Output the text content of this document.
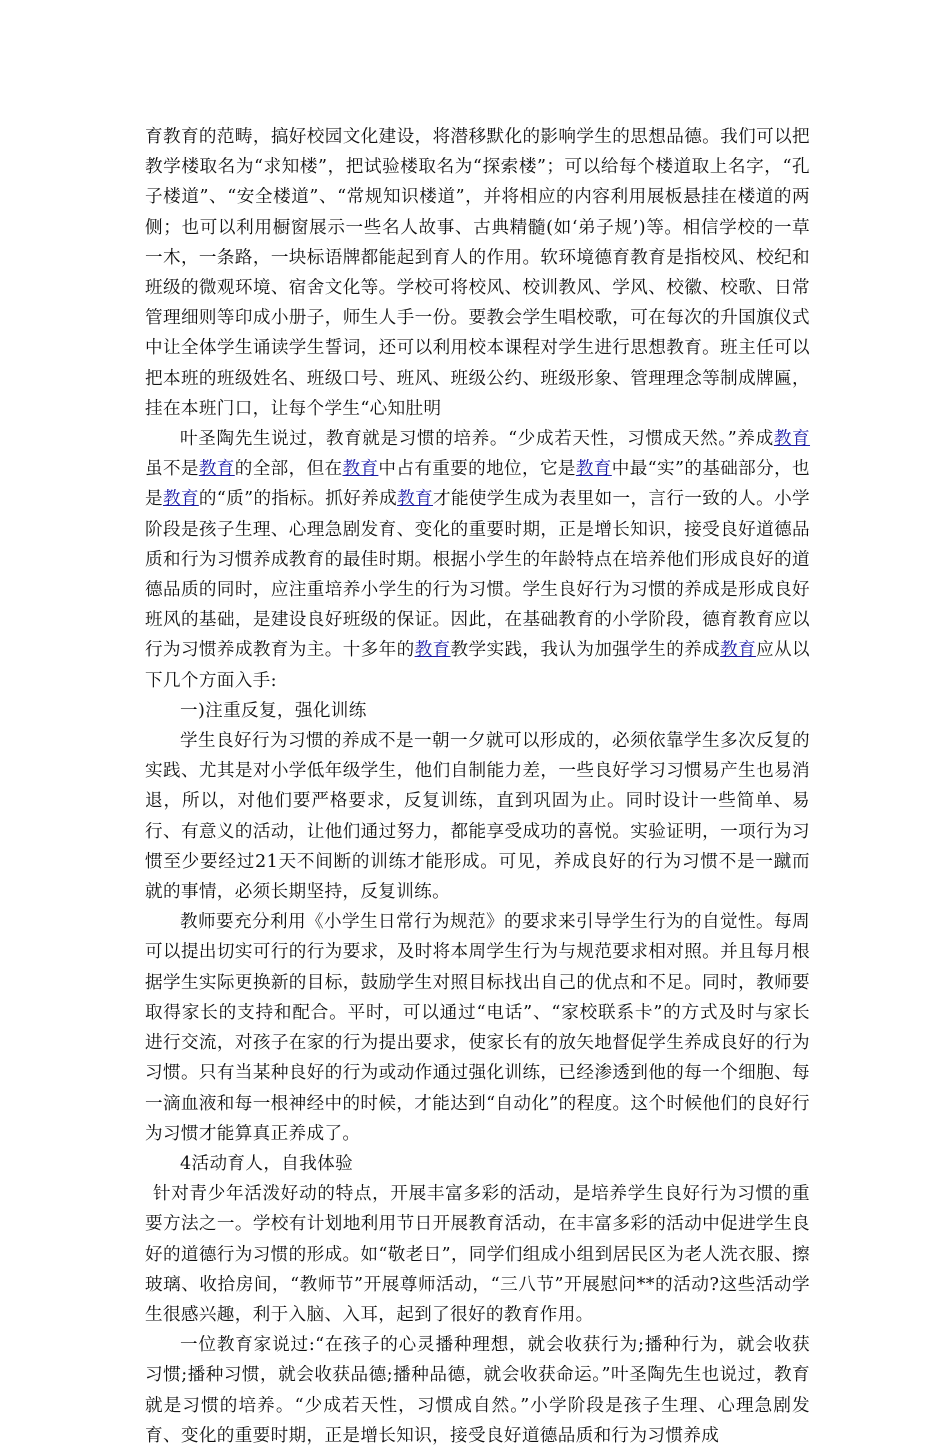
育教育的范畴，搞好校园文化建设，将潜移默化的影响学生的思想品德。我们可以把教学楼取名为“求知楼”，把试验楼取名为“探索楼”；可以给每个楼道取上名字，“孔子楼道”、“安全楼道”、“常规知识楼道”，并将相应的内容利用展板悬挂在楼道的两侧；也可以利用橱窗展示一些名人故事、古典精髓(如‘弟子规’)等。相信学校的一草一木，一条路，一块标语牌都能起到育人的作用。软环境德育教育是指校风、校纪和班级的微观环境、宿舍文化等。学校可将校风、校训教风、学风、校徽、校歌、日常管理细则等印成小册子，师生人手一份。要教会学生唱校歌，可在每次的升国旗仪式中让全体学生诵读学生誓词，还可以利用校本课程对学生进行思想教育。班主任可以把本班的班级姓名、班级口号、班风、班级公约、班级形象、管理理念等制成牌匾，挂在本班门口，让每个学生“心知肚明

叶圣陶先生说过，教育就是习惯的培养。“少成若天性，习惯成天然。”养成教育虽不是教育的全部，但在教育中占有重要的地位，它是教育中最“实”的基础部分，也是教育的“质”的指标。抓好养成教育才能使学生成为表里如一，言行一致的人。小学阶段是孩子生理、心理急剧发育、变化的重要时期，正是增长知识，接受良好道德品质和行为习惯养成教育的最佳时期。根据小学生的年龄特点在培养他们形成良好的道德品质的同时，应注重培养小学生的行为习惯。学生良好行为习惯的养成是形成良好班风的基础，是建设良好班级的保证。因此，在基础教育的小学阶段，德育教育应以行为习惯养成教育为主。十多年的教育教学实践，我认为加强学生的养成教育应从以下几个方面入手:

一)注重反复，强化训练

学生良好行为习惯的养成不是一朝一夕就可以形成的，必须依靠学生多次反复的实践、尤其是对小学低年级学生，他们自制能力差，一些良好学习习惯易产生也易消退，所以，对他们要严格要求，反复训练，直到巩固为止。同时设计一些简单、易行、有意义的活动，让他们通过努力，都能享受成功的喜悦。实验证明，一项行为习惯至少要经过21天不间断的训练才能形成。可见，养成良好的行为习惯不是一蹴而就的事情，必须长期坚持，反复训练。

教师要充分利用《小学生日常行为规范》的要求来引导学生行为的自觉性。每周可以提出切实可行的行为要求，及时将本周学生行为与规范要求相对照。并且每月根据学生实际更换新的目标，鼓励学生对照目标找出自己的优点和不足。同时，教师要取得家长的支持和配合。平时，可以通过“电话”、“家校联系卡”的方式及时与家长进行交流，对孩子在家的行为提出要求，使家长有的放矢地督促学生养成良好的行为习惯。只有当某种良好的行为或动作通过强化训练，已经渗透到他的每一个细胞、每一滴血液和每一根神经中的时候，才能达到“自动化”的程度。这个时候他们的良好行为习惯才能算真正养成了。

4活动育人，自我体验

针对青少年活泼好动的特点，开展丰富多彩的活动，是培养学生良好行为习惯的重要方法之一。学校有计划地利用节日开展教育活动，在丰富多彩的活动中促进学生良好的道德行为习惯的形成。如“敬老日”，同学们组成小组到居民区为老人洗衣服、擦玻璃、收拾房间，“教师节”开展尊师活动，“三八节”开展慰问**的活动?这些活动学生很感兴趣，利于入脑、入耳，起到了很好的教育作用。

一位教育家说过:“在孩子的心灵播种理想，就会收获行为;播种行为，就会收获习惯;播种习惯，就会收获品德;播种品德，就会收获命运。”叶圣陶先生也说过，教育就是习惯的培养。“少成若天性，习惯成自然。”小学阶段是孩子生理、心理急剧发育、变化的重要时期，正是增长知识，接受良好道德品质和行为习惯养成
